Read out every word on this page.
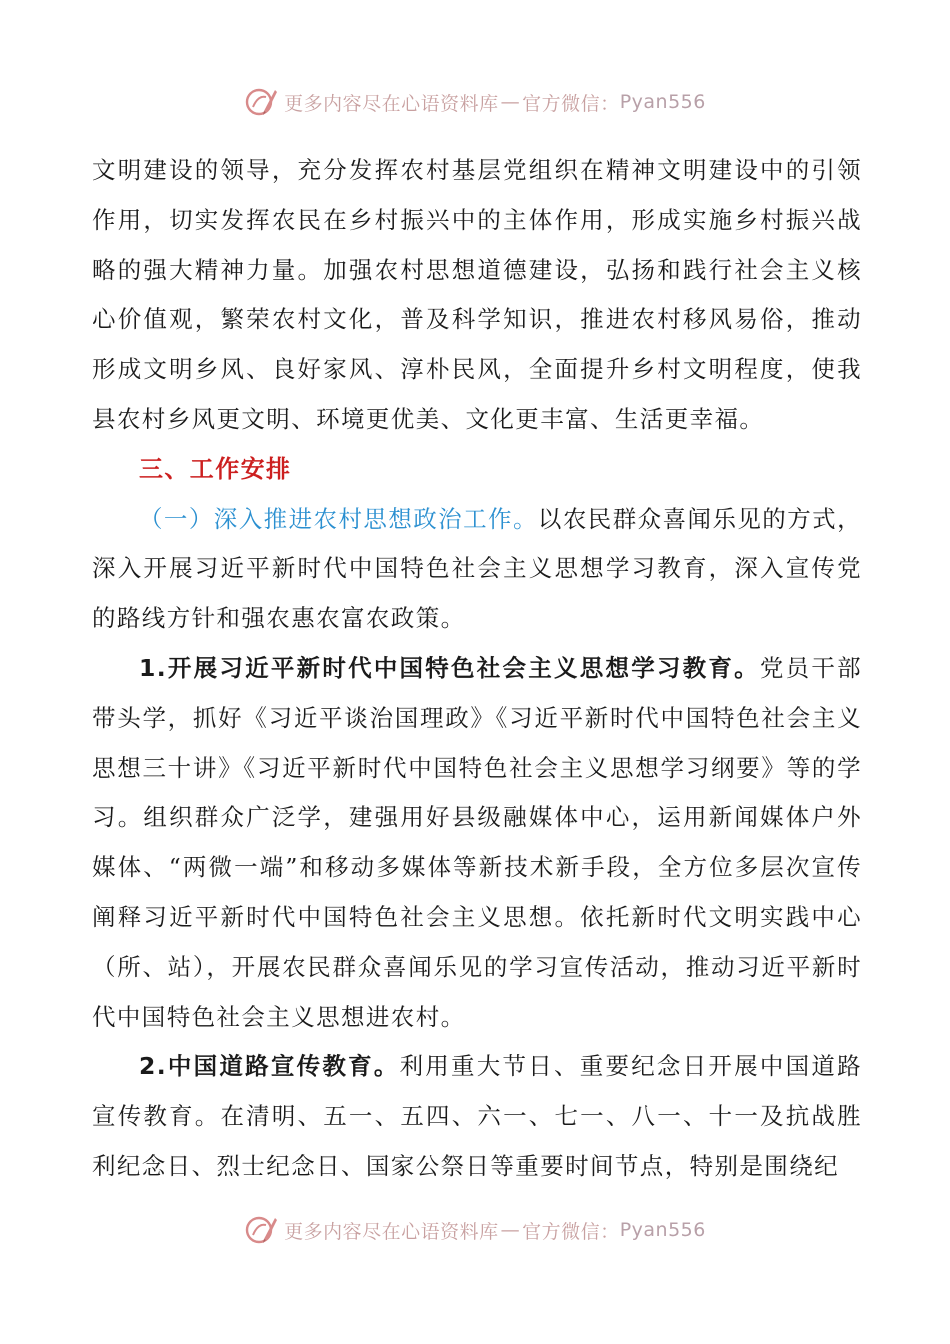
更多内容尽在心语资料库 — 官方微信： Pyan556

文明建设的领导，充分发挥农村基层党组织在精神文明建设中的引领作用，切实发挥农民在乡村振兴中的主体作用，形成实施乡村振兴战略的强大精神力量。加强农村思想道德建设，弘扬和践行社会主义核心价值观，繁荣农村文化，普及科学知识，推进农村移风易俗，推动形成文明乡风、良好家风、淳朴民风，全面提升乡村文明程度，使我县农村乡风更文明、环境更优美、文化更丰富、生活更幸福。

三、工作安排

（一）深入推进农村思想政治工作。以农民群众喜闻乐见的方式，深入开展习近平新时代中国特色社会主义思想学习教育，深入宣传党的路线方针和强农惠农富农政策。

1.开展习近平新时代中国特色社会主义思想学习教育。党员干部带头学，抓好《习近平谈治国理政》《习近平新时代中国特色社会主义思想三十讲》《习近平新时代中国特色社会主义思想学习纲要》等的学习。组织群众广泛学，建强用好县级融媒体中心，运用新闻媒体户外媒体、“两微一端”和移动多媒体等新技术新手段，全方位多层次宣传阐释习近平新时代中国特色社会主义思想。依托新时代文明实践中心（所、站），开展农民群众喜闻乐见的学习宣传活动，推动习近平新时代中国特色社会主义思想进农村。

2.中国道路宣传教育。利用重大节日、重要纪念日开展中国道路宣传教育。在清明、五一、五四、六一、七一、八一、十一及抗战胜利纪念日、烈士纪念日、国家公祭日等重要时间节点，特别是围绕纪

更多内容尽在心语资料库 — 官方微信： Pyan556
